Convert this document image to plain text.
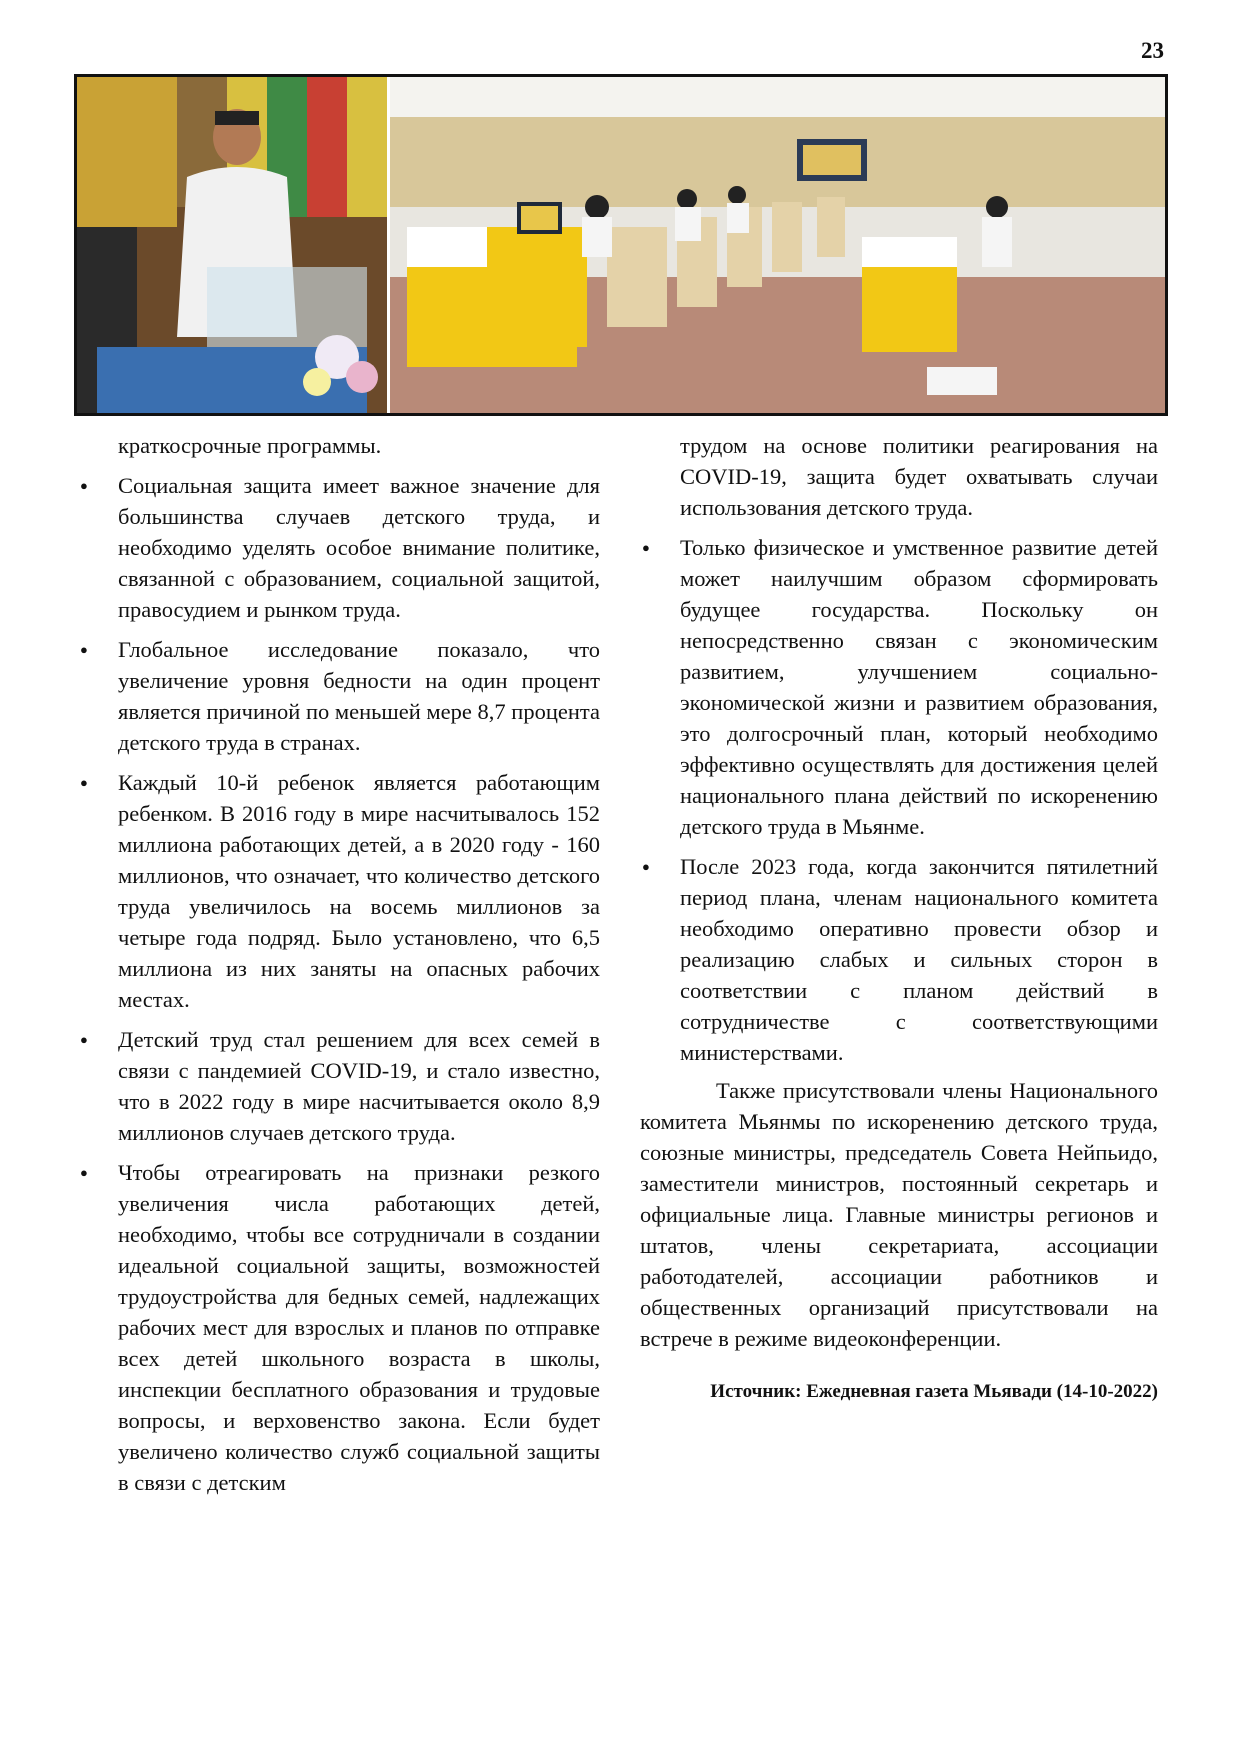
23

краткосрочные программы.

● Социальная защита имеет важное значение для большинства случаев детского труда, и необходимо уделять особое внимание политике, связанной с образованием, социальной защитой, правосудием и рынком труда.
● Глобальное исследование показало, что увеличение уровня бедности на один процент является причиной по меньшей мере 8,7 процента детского труда в странах.
● Каждый 10-й ребенок является работающим ребенком. В 2016 году в мире насчитывалось 152 миллиона работающих детей, а в 2020 году - 160 миллионов, что означает, что количество детского труда увеличилось на восемь миллионов за четыре года подряд. Было установлено, что 6,5 миллиона из них заняты на опасных рабочих местах.
● Детский труд стал решением для всех семей в связи с пандемией COVID-19, и стало известно, что в 2022 году в мире насчитывается около 8,9 миллионов случаев детского труда.
● Чтобы отреагировать на признаки резкого увеличения числа работающих детей, необходимо, чтобы все сотрудничали в создании идеальной социальной защиты, возможностей трудоустройства для бедных семей, надлежащих рабочих мест для взрослых и планов по отправке всех детей школьного возраста в школы, инспекции бесплатного образования и трудовые вопросы, и верховенство закона. Если будет увеличено количество служб социальной защиты в связи с детским

трудом на основе политики реагирования на COVID-19, защита будет охватывать случаи использования детского труда.

● Только физическое и умственное развитие детей может наилучшим образом сформировать будущее государства. Поскольку он непосредственно связан с экономическим развитием, улучшением социально-экономической жизни и развитием образования, это долгосрочный план, который необходимо эффективно осуществлять для достижения целей национального плана действий по искоренению детского труда в Мьянме.
● После 2023 года, когда закончится пятилетний период плана, членам национального комитета необходимо оперативно провести обзор и реализацию слабых и сильных сторон в соответствии с планом действий в сотрудничестве с соответствующими министерствами.

Также присутствовали члены Национального комитета Мьянмы по искоренению детского труда, союзные министры, председатель Совета Нейпьидо, заместители министров, постоянный секретарь и официальные лица. Главные министры регионов и штатов, члены секретариата, ассоциации работодателей, ассоциации работников и общественных организаций присутствовали на встрече в режиме видеоконференции.

Источник: Ежедневная газета Мьявади (14-10-2022)
